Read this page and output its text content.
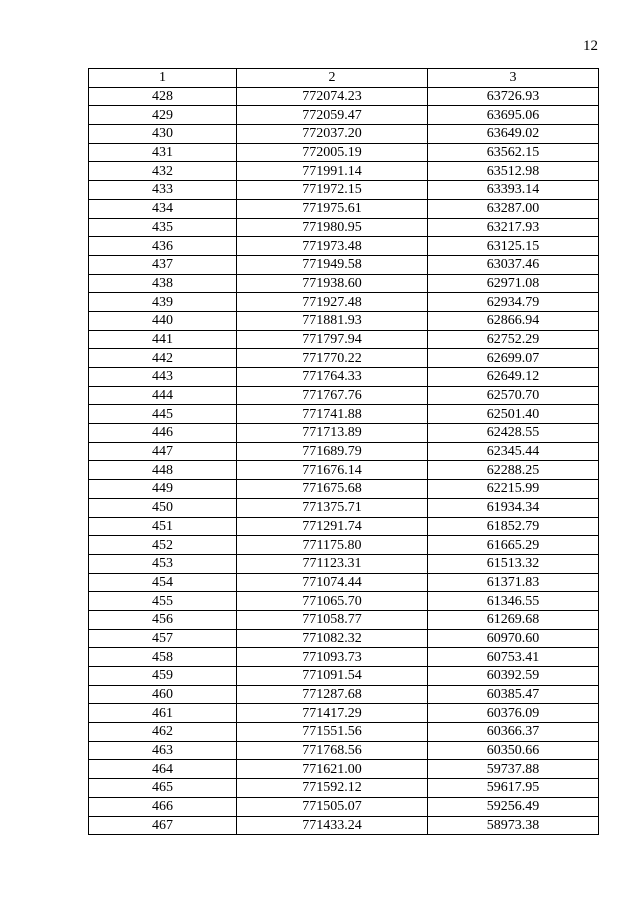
12
1	2	3
428	772074.23	63726.93
429	772059.47	63695.06
430	772037.20	63649.02
431	772005.19	63562.15
432	771991.14	63512.98
433	771972.15	63393.14
434	771975.61	63287.00
435	771980.95	63217.93
436	771973.48	63125.15
437	771949.58	63037.46
438	771938.60	62971.08
439	771927.48	62934.79
440	771881.93	62866.94
441	771797.94	62752.29
442	771770.22	62699.07
443	771764.33	62649.12
444	771767.76	62570.70
445	771741.88	62501.40
446	771713.89	62428.55
447	771689.79	62345.44
448	771676.14	62288.25
449	771675.68	62215.99
450	771375.71	61934.34
451	771291.74	61852.79
452	771175.80	61665.29
453	771123.31	61513.32
454	771074.44	61371.83
455	771065.70	61346.55
456	771058.77	61269.68
457	771082.32	60970.60
458	771093.73	60753.41
459	771091.54	60392.59
460	771287.68	60385.47
461	771417.29	60376.09
462	771551.56	60366.37
463	771768.56	60350.66
464	771621.00	59737.88
465	771592.12	59617.95
466	771505.07	59256.49
467	771433.24	58973.38
